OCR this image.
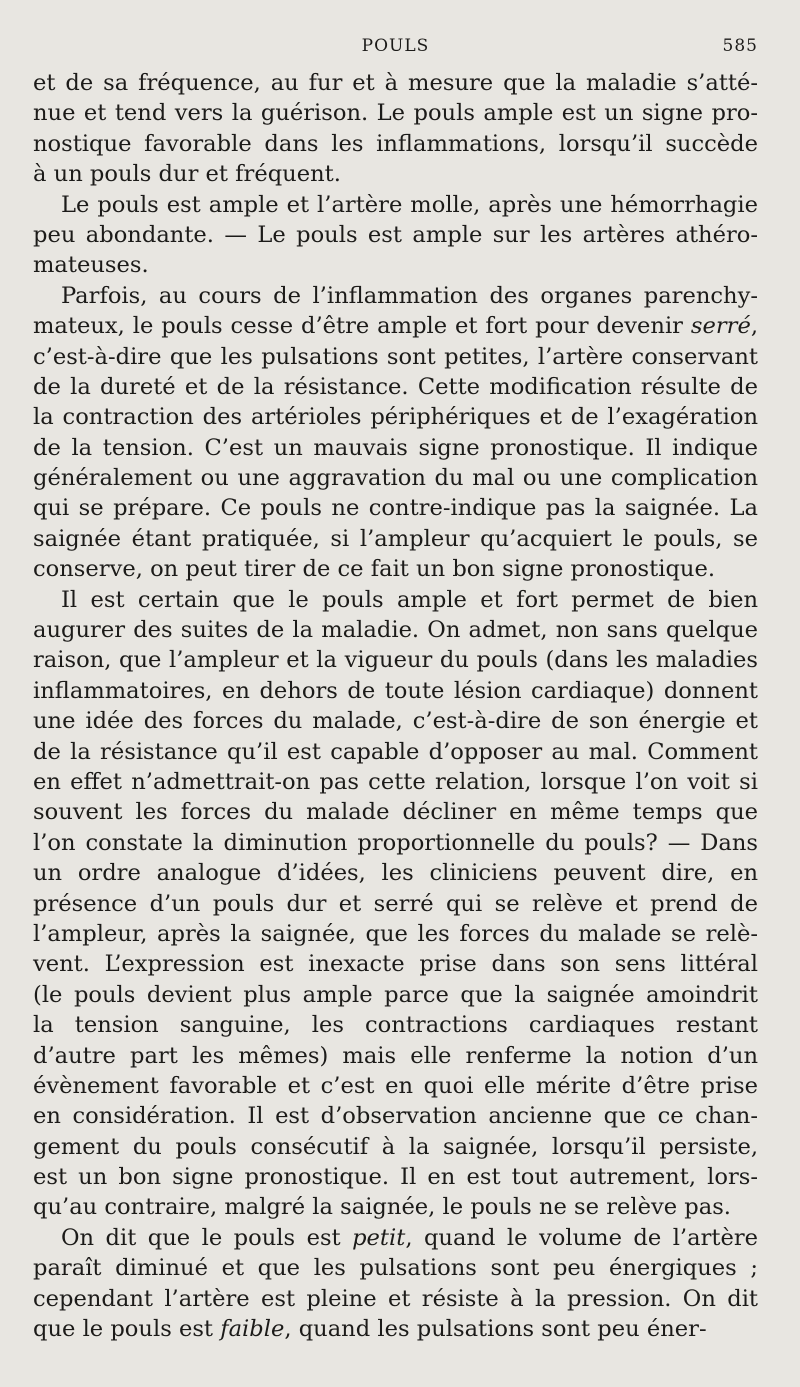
POULS	585
et de sa fréquence, au fur et à mesure que la maladie s’atté-
nue et tend vers la guérison. Le pouls ample est un signe pro-
nostique favorable dans les inflammations, lorsqu’il succède
à un pouls dur et fréquent.
Le pouls est ample et l’artère molle, après une hémorrhagie
peu abondante. — Le pouls est ample sur les artères athéro-
mateuses.
Parfois, au cours de l’inflammation des organes parenchy-
mateux, le pouls cesse d’être ample et fort pour devenir serré,
c’est-à-dire que les pulsations sont petites, l’artère conservant
de la dureté et de la résistance. Cette modification résulte de
la contraction des artérioles périphériques et de l’exagération
de la tension. C’est un mauvais signe pronostique. Il indique
généralement ou une aggravation du mal ou une complication
qui se prépare. Ce pouls ne contre-indique pas la saignée. La
saignée étant pratiquée, si l’ampleur qu’acquiert le pouls, se
conserve, on peut tirer de ce fait un bon signe pronostique.
Il est certain que le pouls ample et fort permet de bien
augurer des suites de la maladie. On admet, non sans quelque
raison, que l’ampleur et la vigueur du pouls (dans les maladies
inflammatoires, en dehors de toute lésion cardiaque) donnent
une idée des forces du malade, c’est-à-dire de son énergie et
de la résistance qu’il est capable d’opposer au mal. Comment
en effet n’admettrait-on pas cette relation, lorsque l’on voit si
souvent les forces du malade décliner en même temps que
l’on constate la diminution proportionnelle du pouls? — Dans
un ordre analogue d’idées, les cliniciens peuvent dire, en
présence d’un pouls dur et serré qui se relève et prend de
l’ampleur, après la saignée, que les forces du malade se relè-
vent. L’expression est inexacte prise dans son sens littéral
(le pouls devient plus ample parce que la saignée amoindrit
la tension sanguine, les contractions cardiaques restant
d’autre part les mêmes) mais elle renferme la notion d’un
évènement favorable et c’est en quoi elle mérite d’être prise
en considération. Il est d’observation ancienne que ce chan-
gement du pouls consécutif à la saignée, lorsqu’il persiste,
est un bon signe pronostique. Il en est tout autrement, lors-
qu’au contraire, malgré la saignée, le pouls ne se relève pas.
On dit que le pouls est petit, quand le volume de l’artère
paraît diminué et que les pulsations sont peu énergiques ;
cependant l’artère est pleine et résiste à la pression. On dit
que le pouls est faible, quand les pulsations sont peu éner-
